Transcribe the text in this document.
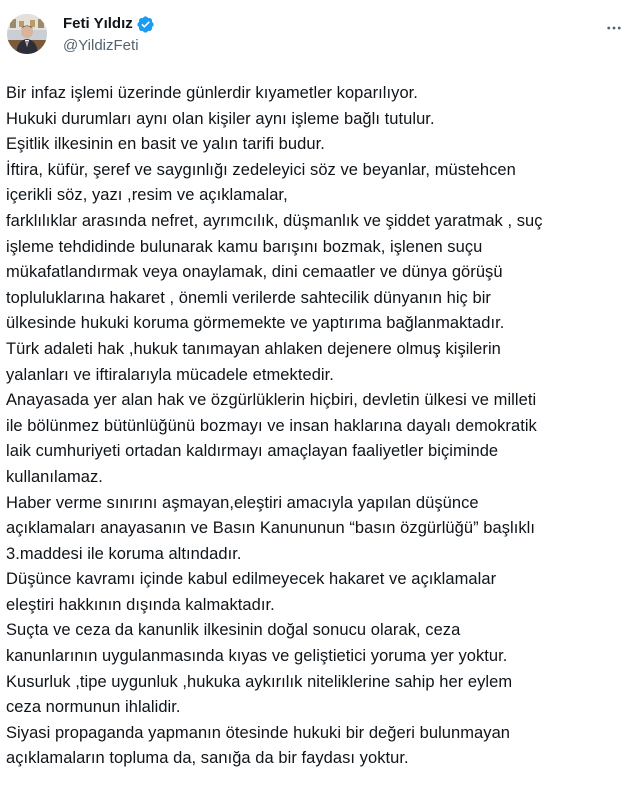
Feti Yıldız
@YildizFeti
Bir infaz işlemi üzerinde günlerdir kıyametler koparılıyor.
Hukuki durumları aynı olan kişiler aynı işleme bağlı tutulur.
Eşitlik ilkesinin en basit ve yalın tarifi budur.
İftira, küfür, şeref ve saygınlığı zedeleyici söz ve beyanlar, müstehcen
içerikli söz, yazı ,resim ve açıklamalar,
farklılıklar arasında nefret, ayrımcılık, düşmanlık ve şiddet yaratmak , suç
işleme tehdidinde bulunarak kamu barışını bozmak, işlenen suçu
mükafatlandırmak veya onaylamak, dini cemaatler ve dünya görüşü
topluluklarına hakaret , önemli verilerde sahtecilik dünyanın hiç bir
ülkesinde hukuki koruma görmemekte ve yaptırıma bağlanmaktadır.
Türk adaleti hak ,hukuk tanımayan ahlaken dejenere olmuş kişilerin
yalanları ve iftiralarıyla mücadele etmektedir.
Anayasada yer alan hak ve özgürlüklerin hiçbiri, devletin ülkesi ve milleti
ile bölünmez bütünlüğünü bozmayı ve insan haklarına dayalı demokratik
laik cumhuriyeti ortadan kaldırmayı amaçlayan faaliyetler biçiminde
kullanılamaz.
Haber verme sınırını aşmayan,eleştiri amacıyla yapılan düşünce
açıklamaları anayasanın ve Basın Kanununun “basın özgürlüğü” başlıklı
3.maddesi ile koruma altındadır.
Düşünce kavramı içinde kabul edilmeyecek hakaret ve açıklamalar
eleştiri hakkının dışında kalmaktadır.
Suçta ve ceza da kanunlik ilkesinin doğal sonucu olarak, ceza
kanunlarının uygulanmasında kıyas ve geliştietici yoruma yer yoktur.
Kusurluk ,tipe uygunluk ,hukuka aykırılık niteliklerine sahip her eylem
ceza normunun ihlalidir.
Siyasi propaganda yapmanın ötesinde hukuki bir değeri bulunmayan
açıklamaların topluma da, sanığa da bir faydası yoktur.
